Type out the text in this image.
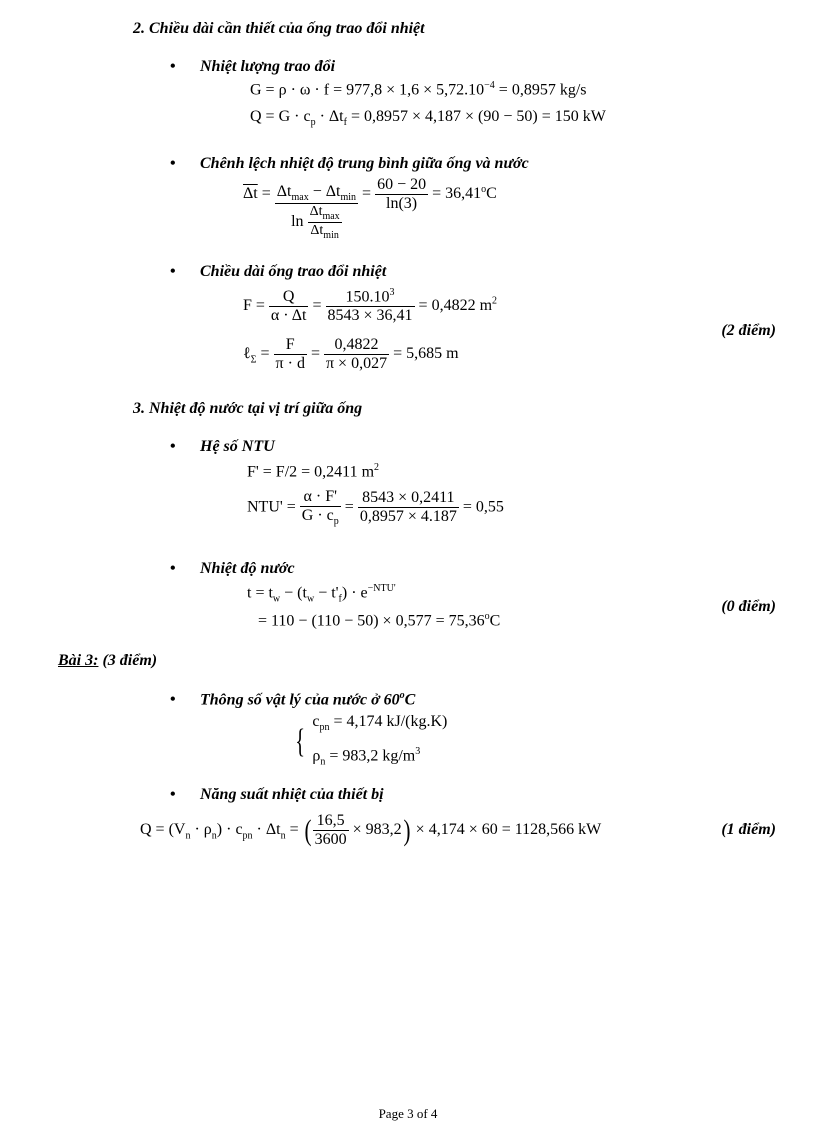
2. Chiều dài cần thiết của ống trao đổi nhiệt
• Nhiệt lượng trao đổi
$G = \rho \cdot \omega \cdot f = 977,8 \times 1,6 \times 5,72.10^{-4} = 0,8957$ kg/s
$Q = G \cdot c_p \cdot \Delta t_f = 0,8957 \times 4,187 \times (90 - 50) = 150$ kW
• Chênh lệch nhiệt độ trung bình giữa ống và nước
$\overline{\Delta t} = \frac{\Delta t_{max} - \Delta t_{min}}{\ln \frac{\Delta t_{max}}{\Delta t_{min}}} = \frac{60 - 20}{\ln(3)} = 36,41^oC$
• Chiều dài ống trao đổi nhiệt
$F = \frac{Q}{\alpha \cdot \Delta t} = \frac{150.10^3}{8543 \times 36,41} = 0,4822$ $m^2$
ℓ$_\Sigma$ = $\frac{F}{\pi \cdot d} = \frac{0,4822}{\pi \times 0,027} = 5,685$ m
(2 điểm)
3. Nhiệt độ nước tại vị trí giữa ống
• Hệ số NTU
F' = F/2 = 0,2411 $m^2$
$NTU' = \frac{\alpha \cdot F'}{G \cdot c_p} = \frac{8543 \times 0,2411}{0,8957 \times 4.187} = 0,55$
• Nhiệt độ nước
$t = t_w - (t_w - t'_f) \cdot e^{-NTU'}$
= $110 - (110 - 50) \times 0,577 = 75,36^oC$
(0 điểm)
Bài 3: (3 điểm)
• Thông số vật lý của nước ở 60$^o$C
{
$c_{pn} = 4,174$ kJ/(kg.K)
$\rho_n = 983,2$ $kg/m^3$
• Năng suất nhiệt của thiết bị
$Q = (V_n \cdot \rho_n) \cdot c_{pn} \cdot \Delta t_n$ = ( $\frac{16,5}{3600} \times 983,2) \times 4,174 \times 60 = 1128,566$ kW	(1 điểm)
Page 3 of 4
